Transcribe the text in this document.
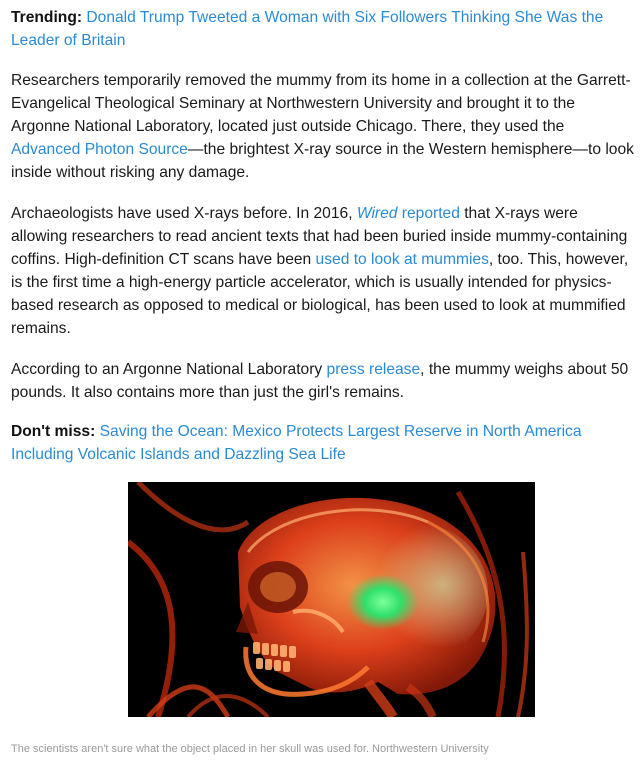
Trending: Donald Trump Tweeted a Woman with Six Followers Thinking She Was the Leader of Britain

Researchers temporarily removed the mummy from its home in a collection at the Garrett-Evangelical Theological Seminary at Northwestern University and brought it to the Argonne National Laboratory, located just outside Chicago. There, they used the Advanced Photon Source—the brightest X-ray source in the Western hemisphere—to look inside without risking any damage.

Archaeologists have used X-rays before. In 2016, Wired reported that X-rays were allowing researchers to read ancient texts that had been buried inside mummy-containing coffins. High-definition CT scans have been used to look at mummies, too. This, however, is the first time a high-energy particle accelerator, which is usually intended for physics-based research as opposed to medical or biological, has been used to look at mummified remains.

According to an Argonne National Laboratory press release, the mummy weighs about 50 pounds. It also contains more than just the girl's remains.

Don't miss: Saving the Ocean: Mexico Protects Largest Reserve in North America Including Volcanic Islands and Dazzling Sea Life

The scientists aren't sure what the object placed in her skull was used for. Northwestern University
